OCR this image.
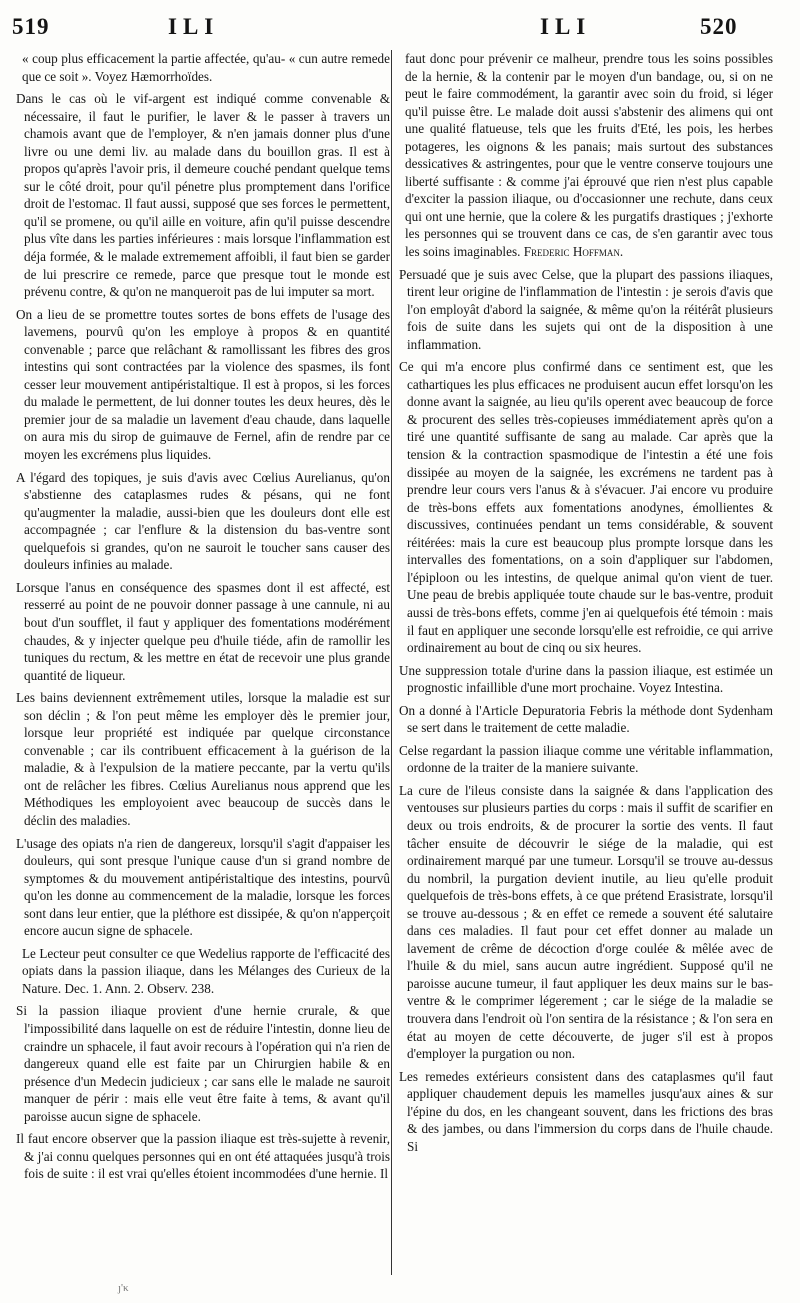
519	ILI	ILI	520

« coup plus efficacement la partie affectée, qu'au- « cun autre remede que ce soit ». Voyez Hæmorrhoïdes.

Dans le cas où le vif-argent est indiqué comme convenable & nécessaire, il faut le purifier, le laver & le passer à travers un chamois avant que de l'employer, & n'en jamais donner plus d'une livre ou une demi liv. au malade dans du bouillon gras. Il est à propos qu'après l'avoir pris, il demeure couché pendant quelque tems sur le côté droit, pour qu'il pénetre plus promptement dans l'orifice droit de l'estomac. Il faut aussi, supposé que ses forces le permettent, qu'il se promene, ou qu'il aille en voiture, afin qu'il puisse descendre plus vîte dans les parties inférieures : mais lorsque l'inflammation est déja formée, & le malade extremement affoibli, il faut bien se garder de lui prescrire ce remede, parce que presque tout le monde est prévenu contre, & qu'on ne manqueroit pas de lui imputer sa mort.

On a lieu de se promettre toutes sortes de bons effets de l'usage des lavemens, pourvû qu'on les employe à propos & en quantité convenable ; parce que relâchant & ramollissant les fibres des gros intestins qui sont contractées par la violence des spasmes, ils font cesser leur mouvement antipéristaltique. Il est à propos, si les forces du malade le permettent, de lui donner toutes les deux heures, dès le premier jour de sa maladie un lavement d'eau chaude, dans laquelle on aura mis du sirop de guimauve de Fernel, afin de rendre par ce moyen les excrémens plus liquides.

A l'égard des topiques, je suis d'avis avec Cœlius Aurelianus, qu'on s'abstienne des cataplasmes rudes & pésans, qui ne font qu'augmenter la maladie, aussi-bien que les douleurs dont elle est accompagnée ; car l'enflure & la distension du bas-ventre sont quelquefois si grandes, qu'on ne sauroit le toucher sans causer des douleurs infinies au malade.

Lorsque l'anus en conséquence des spasmes dont il est affecté, est resserré au point de ne pouvoir donner passage à une cannule, ni au bout d'un soufflet, il faut y appliquer des fomentations modérément chaudes, & y injecter quelque peu d'huile tiéde, afin de ramollir les tuniques du rectum, & les mettre en état de recevoir une plus grande quantité de liqueur.

Les bains deviennent extrêmement utiles, lorsque la maladie est sur son déclin ; & l'on peut même les employer dès le premier jour, lorsque leur propriété est indiquée par quelque circonstance convenable ; car ils contribuent efficacement à la guérison de la maladie, & à l'expulsion de la matiere peccante, par la vertu qu'ils ont de relâcher les fibres. Cœlius Aurelianus nous apprend que les Méthodiques les employoient avec beaucoup de succès dans le déclin des maladies.

L'usage des opiats n'a rien de dangereux, lorsqu'il s'agit d'appaiser les douleurs, qui sont presque l'unique cause d'un si grand nombre de symptomes & du mouvement antipéristaltique des intestins, pourvû qu'on les donne au commencement de la maladie, lorsque les forces sont dans leur entier, que la pléthore est dissipée, & qu'on n'apperçoit encore aucun signe de sphacele.

Le Lecteur peut consulter ce que Wedelius rapporte de l'efficacité des opiats dans la passion iliaque, dans les Mélanges des Curieux de la Nature. Dec. 1. Ann. 2. Observ. 238.

Si la passion iliaque provient d'une hernie crurale, & que l'impossibilité dans laquelle on est de réduire l'intestin, donne lieu de craindre un sphacele, il faut avoir recours à l'opération qui n'a rien de dangereux quand elle est faite par un Chirurgien habile & en présence d'un Medecin judicieux ; car sans elle le malade ne sauroit manquer de périr : mais elle veut être faite à tems, & avant qu'il paroisse aucun signe de sphacele.

Il faut encore observer que la passion iliaque est très-sujette à revenir, & j'ai connu quelques personnes qui en ont été attaquées jusqu'à trois fois de suite : il est vrai qu'elles étoient incommodées d'une hernie. Il

faut donc pour prévenir ce malheur, prendre tous les soins possibles de la hernie, & la contenir par le moyen d'un bandage, ou, si on ne peut le faire commodément, la garantir avec soin du froid, si léger qu'il puisse être. Le malade doit aussi s'abstenir des alimens qui ont une qualité flatueuse, tels que les fruits d'Eté, les pois, les herbes potageres, les oignons & les panais; mais surtout des substances dessicatives & astringentes, pour que le ventre conserve toujours une liberté suffisante : & comme j'ai éprouvé que rien n'est plus capable d'exciter la passion iliaque, ou d'occasionner une rechute, dans ceux qui ont une hernie, que la colere & les purgatifs drastiques ; j'exhorte les personnes qui se trouvent dans ce cas, de s'en garantir avec tous les soins imaginables. Frederic Hoffman.

Persuadé que je suis avec Celse, que la plupart des passions iliaques, tirent leur origine de l'inflammation de l'intestin : je serois d'avis que l'on employât d'abord la saignée, & même qu'on la réitérât plusieurs fois de suite dans les sujets qui ont de la disposition à une inflammation.

Ce qui m'a encore plus confirmé dans ce sentiment est, que les cathartiques les plus efficaces ne produisent aucun effet lorsqu'on les donne avant la saignée, au lieu qu'ils operent avec beaucoup de force & procurent des selles très-copieuses immédiatement après qu'on a tiré une quantité suffisante de sang au malade. Car après que la tension & la contraction spasmodique de l'intestin a été une fois dissipée au moyen de la saignée, les excrémens ne tardent pas à prendre leur cours vers l'anus & à s'évacuer. J'ai encore vu produire de très-bons effets aux fomentations anodynes, émollientes & discussives, continuées pendant un tems considérable, & souvent réitérées: mais la cure est beaucoup plus prompte lorsque dans les intervalles des fomentations, on a soin d'appliquer sur l'abdomen, l'épiploon ou les intestins, de quelque animal qu'on vient de tuer. Une peau de brebis appliquée toute chaude sur le bas-ventre, produit aussi de très-bons effets, comme j'en ai quelquefois été témoin : mais il faut en appliquer une seconde lorsqu'elle est refroidie, ce qui arrive ordinairement au bout de cinq ou six heures.

Une suppression totale d'urine dans la passion iliaque, est estimée un prognostic infaillible d'une mort prochaine. Voyez Intestina.

On a donné à l'Article Depuratoria Febris la méthode dont Sydenham se sert dans le traitement de cette maladie.

Celse regardant la passion iliaque comme une véritable inflammation, ordonne de la traiter de la maniere suivante.

La cure de l'ileus consiste dans la saignée & dans l'application des ventouses sur plusieurs parties du corps : mais il suffit de scarifier en deux ou trois endroits, & de procurer la sortie des vents. Il faut tâcher ensuite de découvrir le siége de la maladie, qui est ordinairement marqué par une tumeur. Lorsqu'il se trouve au-dessus du nombril, la purgation devient inutile, au lieu qu'elle produit quelquefois de très-bons effets, à ce que prétend Erasistrate, lorsqu'il se trouve au-dessous ; & en effet ce remede a souvent été salutaire dans ces maladies. Il faut pour cet effet donner au malade un lavement de crême de décoction d'orge coulée & mêlée avec de l'huile & du miel, sans aucun autre ingrédient. Supposé qu'il ne paroisse aucune tumeur, il faut appliquer les deux mains sur le bas-ventre & le comprimer légerement ; car le siége de la maladie se trouvera dans l'endroit où l'on sentira de la résistance ; & l'on sera en état au moyen de cette découverte, de juger s'il est à propos d'employer la purgation ou non.

Les remedes extérieurs consistent dans des cataplasmes qu'il faut appliquer chaudement depuis les mamelles jusqu'aux aines & sur l'épine du dos, en les changeant souvent, dans les frictions des bras & des jambes, ou dans l'immersion du corps dans de l'huile chaude. Si

ȷ'κ
